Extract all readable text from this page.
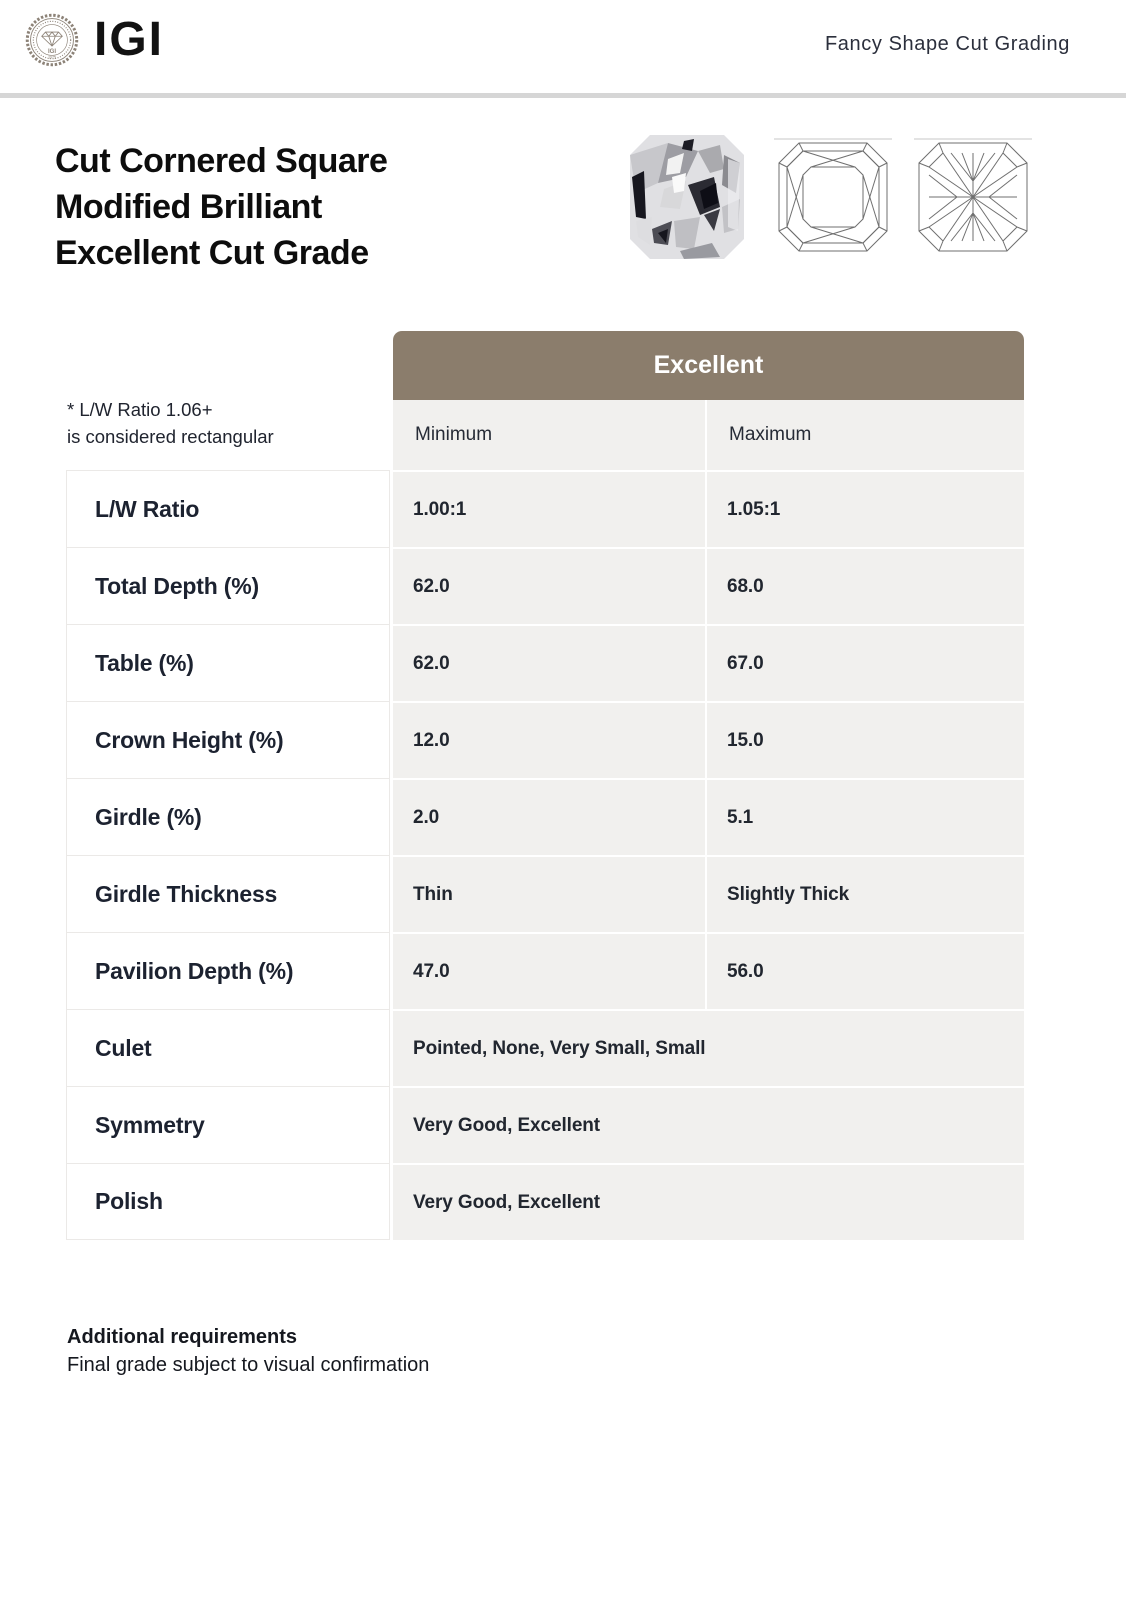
IGI
1975 IGI	Fancy Shape Cut Grading
Cut Cornered Square
Modified Brilliant
Excellent Cut Grade
* L/W Ratio 1.06+
is considered rectangular
Excellent
Minimum	Maximum
L/W Ratio	1.00:1	1.05:1
Total Depth (%)	62.0	68.0
Table (%)	62.0	67.0
Crown Height (%)	12.0	15.0
Girdle (%)	2.0	5.1
Girdle Thickness	Thin	Slightly Thick
Pavilion Depth (%)	47.0	56.0
Culet	Pointed, None, Very Small, Small
Symmetry	Very Good, Excellent
Polish	Very Good, Excellent
Additional requirements
Final grade subject to visual confirmation
